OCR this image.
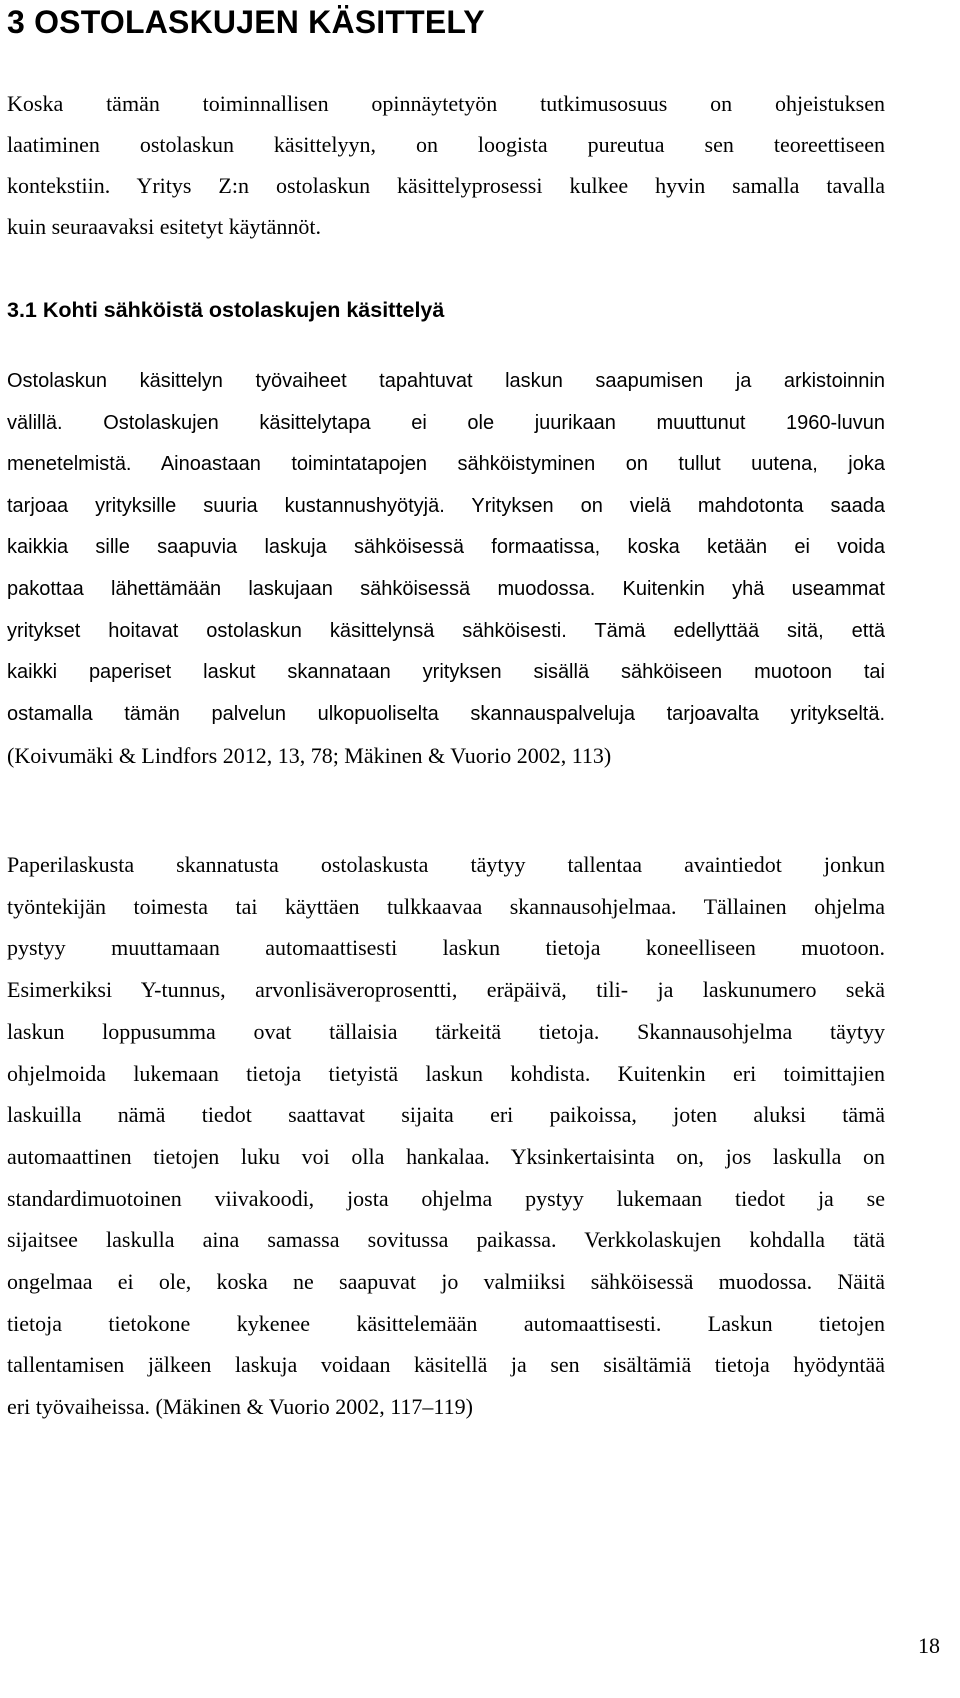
3 OSTOLASKUJEN KÄSITTELY
Koska tämän toiminnallisen opinnäytetyön tutkimusosuus on ohjeistuksen
laatiminen ostolaskun käsittelyyn, on loogista pureutua sen teoreettiseen
kontekstiin. Yritys Z:n ostolaskun käsittelyprosessi kulkee hyvin samalla tavalla
kuin seuraavaksi esitetyt käytännöt.
3.1 Kohti sähköistä ostolaskujen käsittelyä
Ostolaskun käsittelyn työvaiheet tapahtuvat laskun saapumisen ja arkistoinnin
välillä. Ostolaskujen käsittelytapa ei ole juurikaan muuttunut 1960-luvun
menetelmistä. Ainoastaan toimintatapojen sähköistyminen on tullut uutena, joka
tarjoaa yrityksille suuria kustannushyötyjä. Yrityksen on vielä mahdotonta saada
kaikkia sille saapuvia laskuja sähköisessä formaatissa, koska ketään ei voida
pakottaa lähettämään laskujaan sähköisessä muodossa. Kuitenkin yhä useammat
yritykset hoitavat ostolaskun käsittelynsä sähköisesti. Tämä edellyttää sitä, että
kaikki paperiset laskut skannataan yrityksen sisällä sähköiseen muotoon tai
ostamalla tämän palvelun ulkopuoliselta skannauspalveluja tarjoavalta yritykseltä.
(Koivumäki & Lindfors 2012, 13, 78; Mäkinen & Vuorio 2002, 113)
Paperilaskusta skannatusta ostolaskusta täytyy tallentaa avaintiedot jonkun
työntekijän toimesta tai käyttäen tulkkaavaa skannausohjelmaa. Tällainen ohjelma
pystyy muuttamaan automaattisesti laskun tietoja koneelliseen muotoon.
Esimerkiksi Y-tunnus, arvonlisäveroprosentti, eräpäivä, tili- ja laskunumero sekä
laskun loppusumma ovat tällaisia tärkeitä tietoja. Skannausohjelma täytyy
ohjelmoida lukemaan tietoja tietyistä laskun kohdista. Kuitenkin eri toimittajien
laskuilla nämä tiedot saattavat sijaita eri paikoissa, joten aluksi tämä
automaattinen tietojen luku voi olla hankalaa. Yksinkertaisinta on, jos laskulla on
standardimuotoinen viivakoodi, josta ohjelma pystyy lukemaan tiedot ja se
sijaitsee laskulla aina samassa sovitussa paikassa. Verkkolaskujen kohdalla tätä
ongelmaa ei ole, koska ne saapuvat jo valmiiksi sähköisessä muodossa. Näitä
tietoja tietokone kykenee käsittelemään automaattisesti. Laskun tietojen
tallentamisen jälkeen laskuja voidaan käsitellä ja sen sisältämiä tietoja hyödyntää
eri työvaiheissa. (Mäkinen & Vuorio 2002, 117–119)
18
